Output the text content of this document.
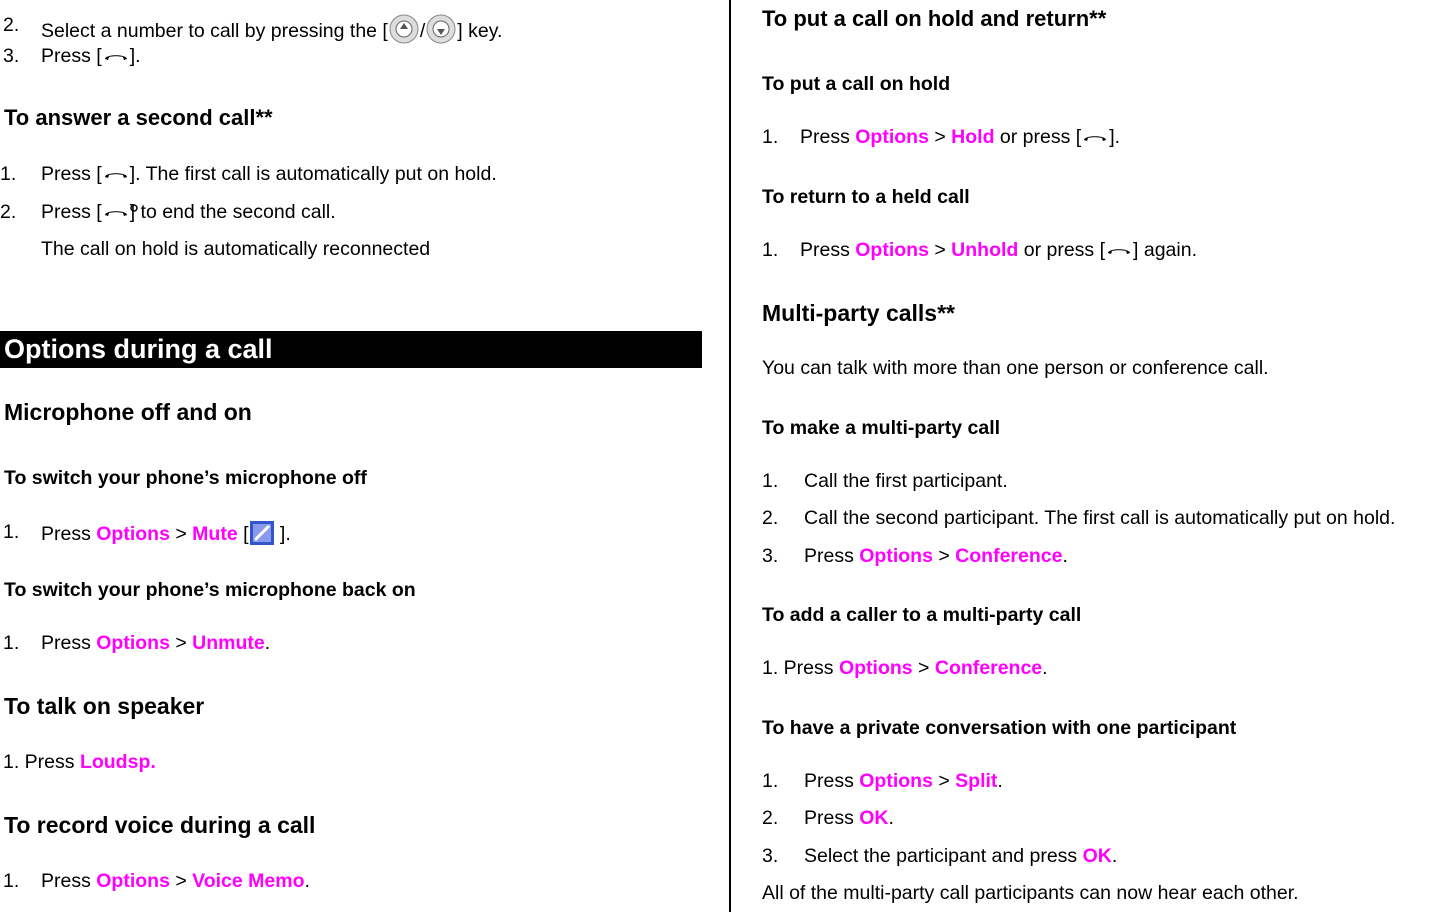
2. Select a number to call by pressing the [ / ] key.
3. Press [ ].
To answer a second call**
1. Press [ ]. The first call is automatically put on hold.
2. Press [ ] to end the second call.
The call on hold is automatically reconnected
Options during a call
Microphone off and on
To switch your phone’s microphone off
1. Press Options > Mute [ ].
To switch your phone’s microphone back on
1. Press Options > Unmute.
To talk on speaker
1. Press Loudsp.
To record voice during a call
1. Press Options > Voice Memo.
To put a call on hold and return**
To put a call on hold
1. Press Options > Hold or press [ ].
To return to a held call
1. Press Options > Unhold or press [ ] again.
Multi-party calls**
You can talk with more than one person or conference call.
To make a multi-party call
1. Call the first participant.
2. Call the second participant. The first call is automatically put on hold.
3. Press Options > Conference.
To add a caller to a multi-party call
1. Press Options > Conference.
To have a private conversation with one participant
1. Press Options > Split.
2. Press OK.
3. Select the participant and press OK.
All of the multi-party call participants can now hear each other.
